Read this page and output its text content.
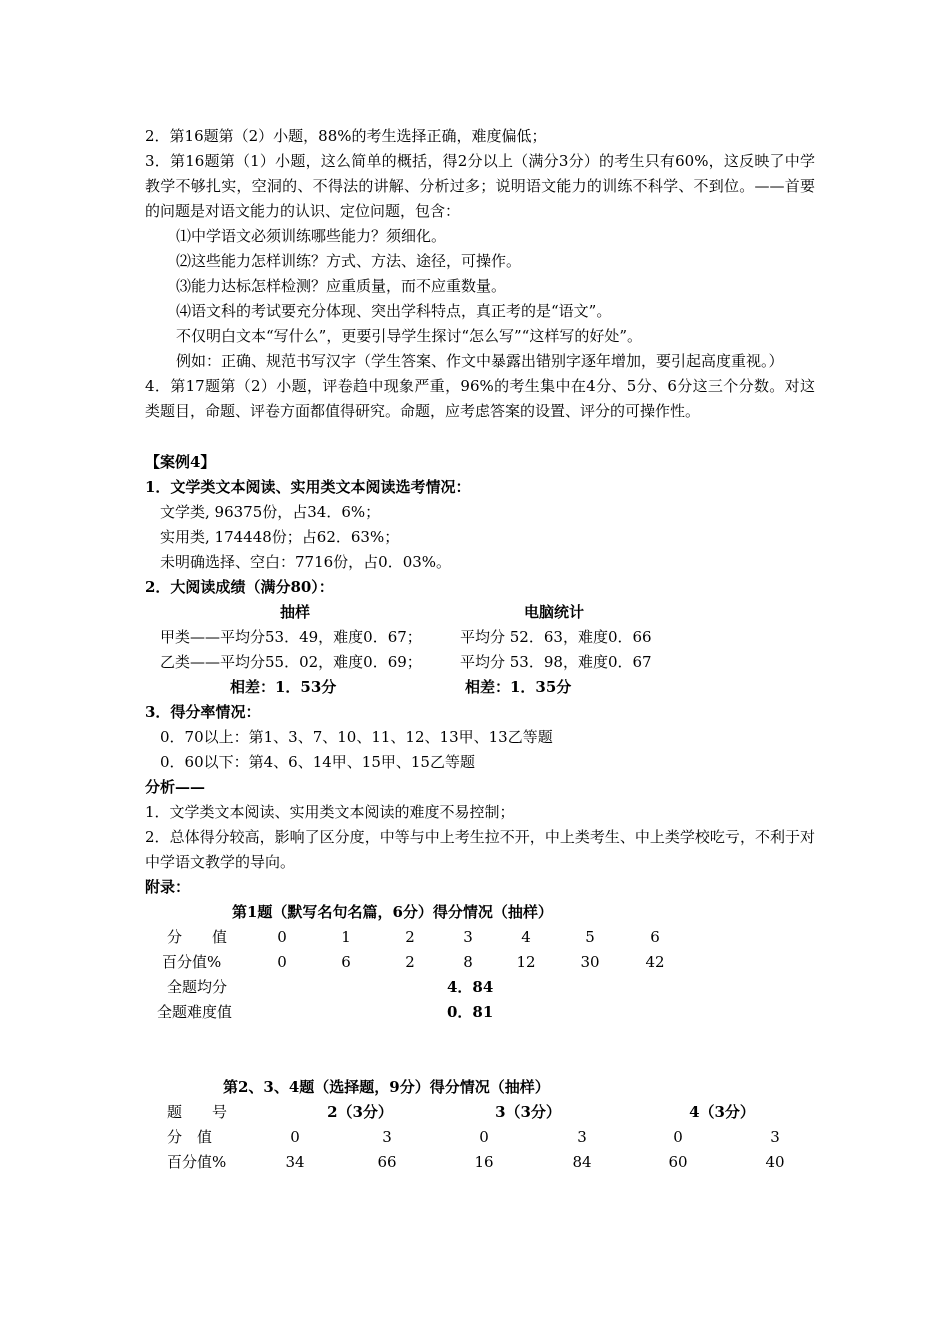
2．第16题第（2）小题，88%的考生选择正确，难度偏低；

3．第16题第（1）小题，这么简单的概括，得2分以上（满分3分）的考生只有60%，这反映了中学教学不够扎实，空洞的、不得法的讲解、分析过多；说明语文能力的训练不科学、不到位。——首要的问题是对语文能力的认识、定位问题，包含：

⑴中学语文必须训练哪些能力？须细化。

⑵这些能力怎样训练？方式、方法、途径，可操作。

⑶能力达标怎样检测？应重质量，而不应重数量。

⑷语文科的考试要充分体现、突出学科特点，真正考的是“语文”。

不仅明白文本“写什么”，更要引导学生探讨“怎么写”“这样写的好处”。

例如：正确、规范书写汉字（学生答案、作文中暴露出错别字逐年增加，要引起高度重视。）

4．第17题第（2）小题，评卷趋中现象严重，96%的考生集中在4分、5分、6分这三个分数。对这类题目，命题、评卷方面都值得研究。命题，应考虑答案的设置、评分的可操作性。

【案例4】

1．文学类文本阅读、实用类文本阅读选考情况：

文学类, 96375份，占34．6%；

实用类, 174448份；占62．63%；

未明确选择、空白：7716份，占0．03%。

2．大阅读成绩（满分80）：

抽样	电脑统计
甲类——平均分53．49，难度0．67；	平均分 52．63，难度0．66
乙类——平均分55．02，难度0．69；	平均分 53．98，难度0．67
相差：1．53分	相差：1．35分

3．得分率情况：

0．70以上：第1、3、7、10、11、12、13甲、13乙等题

0．60以下：第4、6、14甲、15甲、15乙等题

分析——

1．文学类文本阅读、实用类文本阅读的难度不易控制；

2．总体得分较高，影响了区分度，中等与中上考生拉不开，中上类考生、中上类学校吃亏，不利于对中学语文教学的导向。

附录：

第1题（默写名句名篇，6分）得分情况（抽样）
分　　值	0	1	2	3	4	5	6
百分值%	0	6	2	8	12	30	42
全题均分	4．84
全题难度值	0．81
第2、3、4题（选择题，9分）得分情况（抽样）
题　　号	2（3分）	3（3分）	4（3分）
分　值	0	3	0	3	0	3
百分值%	34	66	16	84	60	40
